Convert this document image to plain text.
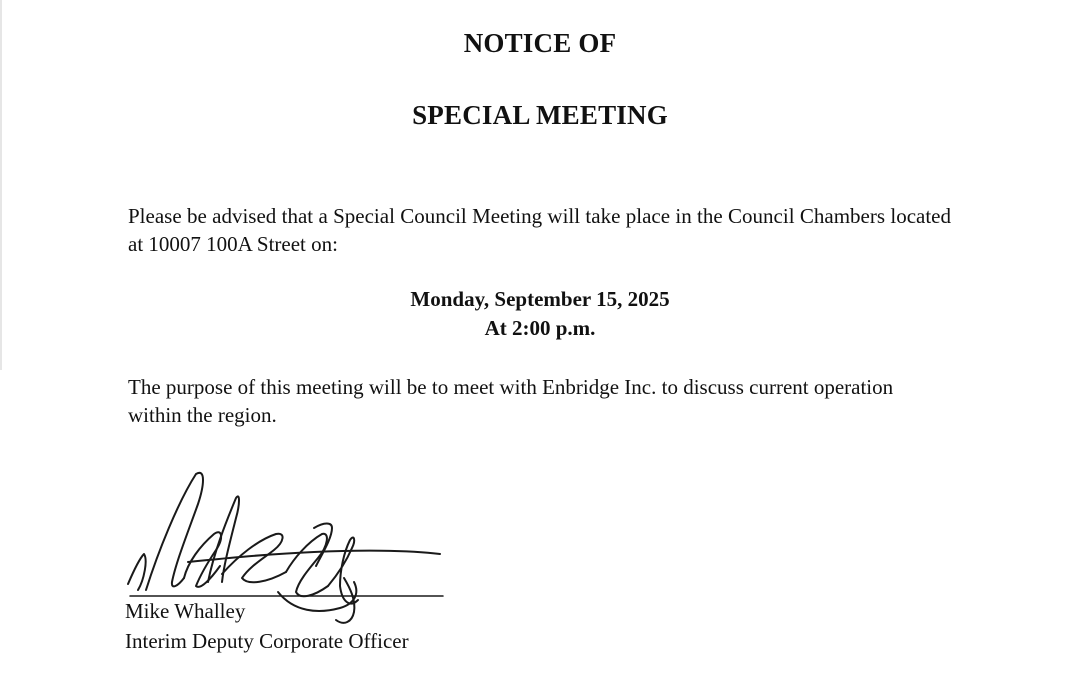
NOTICE OF
SPECIAL MEETING

Please be advised that a Special Council Meeting will take place in the Council Chambers located at 10007 100A Street on:

Monday, September 15, 2025
At 2:00 p.m.

The purpose of this meeting will be to meet with Enbridge Inc. to discuss current operation within the region.

Mike Whalley

Interim Deputy Corporate Officer
